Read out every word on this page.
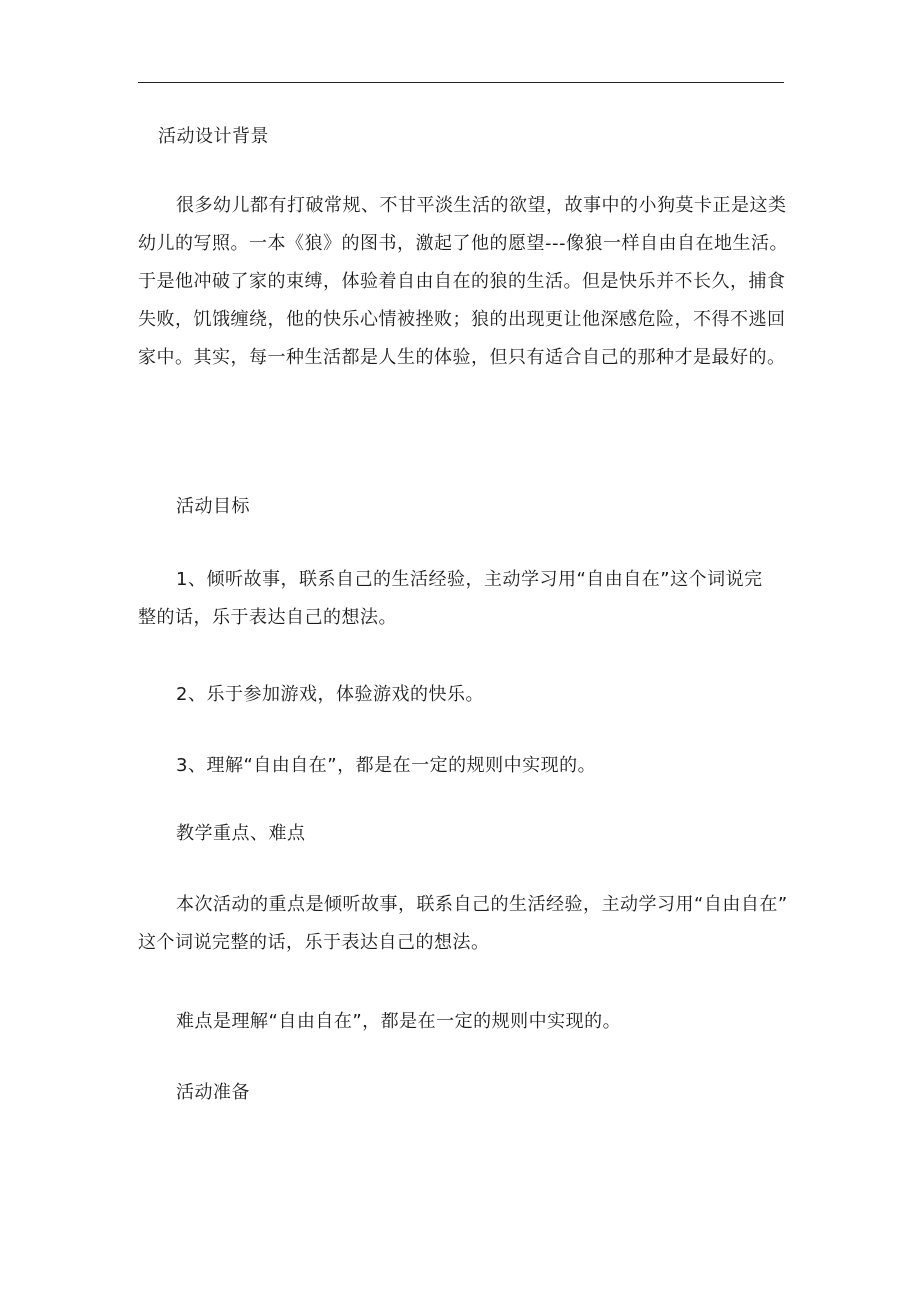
活动设计背景
很多幼儿都有打破常规、不甘平淡生活的欲望，故事中的小狗莫卡正是这类
幼儿的写照。一本《狼》的图书，激起了他的愿望---像狼一样自由自在地生活。
于是他冲破了家的束缚，体验着自由自在的狼的生活。但是快乐并不长久，捕食
失败，饥饿缠绕，他的快乐心情被挫败；狼的出现更让他深感危险，不得不逃回
家中。其实，每一种生活都是人生的体验，但只有适合自己的那种才是最好的。
活动目标
1、倾听故事，联系自己的生活经验，主动学习用“自由自在”这个词说完
整的话，乐于表达自己的想法。
2、乐于参加游戏，体验游戏的快乐。
3、理解“自由自在”，都是在一定的规则中实现的。
教学重点、难点
本次活动的重点是倾听故事，联系自己的生活经验，主动学习用“自由自在”
这个词说完整的话，乐于表达自己的想法。
难点是理解“自由自在”，都是在一定的规则中实现的。
活动准备
